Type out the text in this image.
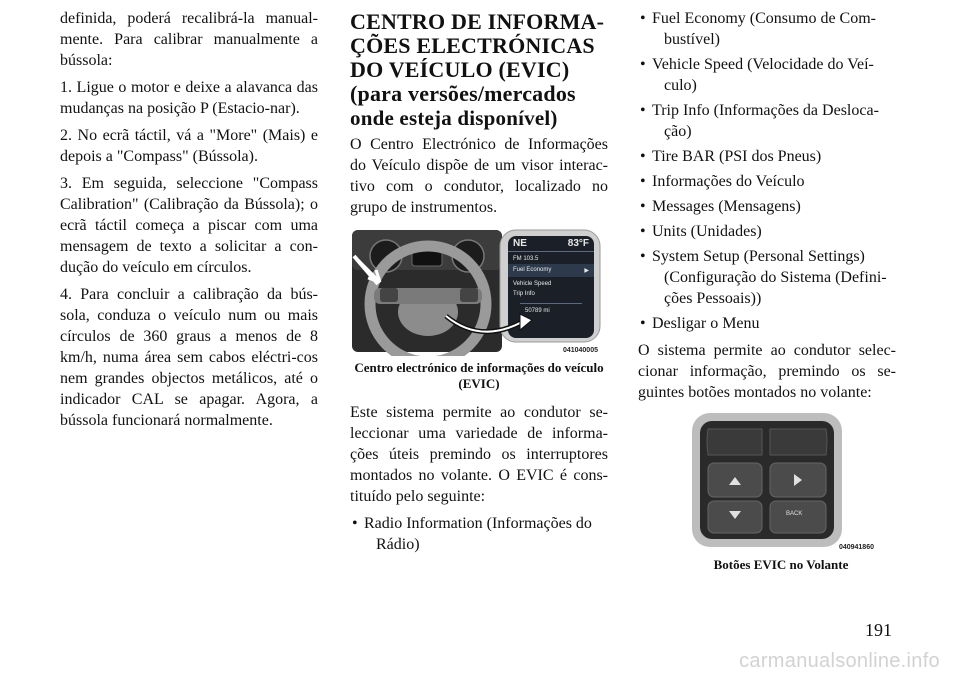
definida, poderá recalibrá-la manual-mente. Para calibrar manualmente a bússola:

1. Ligue o motor e deixe a alavanca das mudanças na posição P (Estacio-nar).

2. No ecrã táctil, vá a "More" (Mais) e depois a "Compass" (Bússola).

3. Em seguida, seleccione "Compass Calibration" (Calibração da Bússola); o ecrã táctil começa a piscar com uma mensagem de texto a solicitar a con-dução do veículo em círculos.

4. Para concluir a calibração da bús-sola, conduza o veículo num ou mais círculos de 360 graus a menos de 8 km/h, numa área sem cabos eléctri-cos nem grandes objectos metálicos, até o indicador CAL se apagar. Agora, a bússola funcionará normalmente.

CENTRO DE INFORMA-
ÇÕES ELECTRÓNICAS
DO VEÍCULO (EVIC)
(para versões/mercados
onde esteja disponível)

O Centro Electrónico de Informações do Veículo dispõe de um visor interac-tivo com o condutor, localizado no grupo de instrumentos.

NE	83°F
FM 103.5
Fuel Economy	▶
Vehicle Speed
Trip Info
50789 mi
041040005
Centro electrónico de informações do veículo (EVIC)

Este sistema permite ao condutor se-leccionar uma variedade de informa-ções úteis premindo os interruptores montados no volante. O EVIC é cons-tituído pelo seguinte:

• Radio Information (Informações do Rádio)
• Fuel Economy (Consumo de Com-bustível)
• Vehicle Speed (Velocidade do Veí-culo)
• Trip Info (Informações da Desloca-ção)
• Tire BAR (PSI dos Pneus)
• Informações do Veículo
• Messages (Mensagens)
• Units (Unidades)
• System Setup (Personal Settings) (Configuração do Sistema (Defini-ções Pessoais))
• Desligar o Menu

O sistema permite ao condutor selec-cionar informação, premindo os se-guintes botões montados no volante:

BACK
040941860
Botões EVIC no Volante
191
carmanualsonline.info
